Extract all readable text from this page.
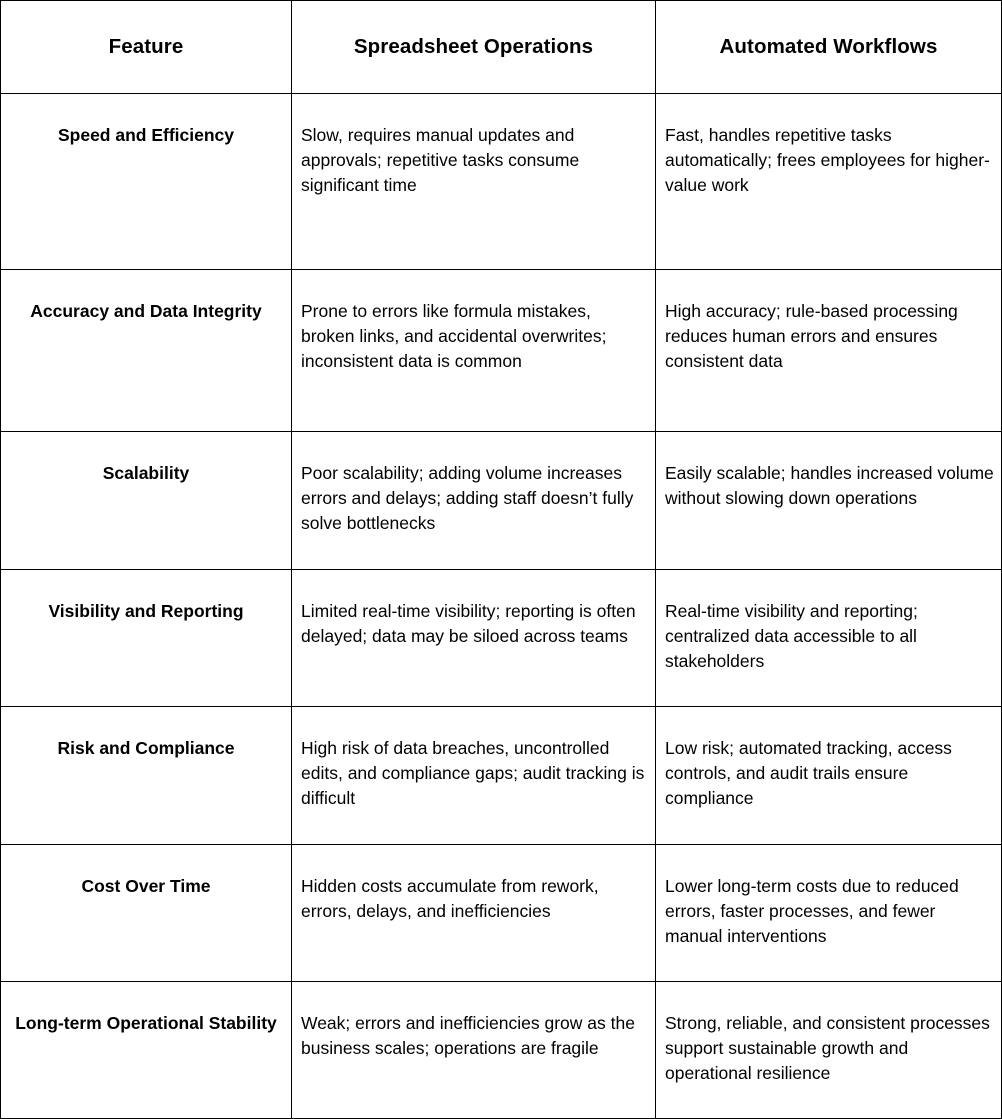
Feature	Spreadsheet Operations	Automated Workflows
Speed and Efficiency	Slow, requires manual updates and approvals; repetitive tasks consume significant time	Fast, handles repetitive tasks automatically; frees employees for higher-value work
Accuracy and Data Integrity	Prone to errors like formula mistakes, broken links, and accidental overwrites; inconsistent data is common	High accuracy; rule-based processing reduces human errors and ensures consistent data
Scalability	Poor scalability; adding volume increases errors and delays; adding staff doesn’t fully solve bottlenecks	Easily scalable; handles increased volume without slowing down operations
Visibility and Reporting	Limited real-time visibility; reporting is often delayed; data may be siloed across teams	Real-time visibility and reporting; centralized data accessible to all stakeholders
Risk and Compliance	High risk of data breaches, uncontrolled edits, and compliance gaps; audit tracking is difficult	Low risk; automated tracking, access controls, and audit trails ensure compliance
Cost Over Time	Hidden costs accumulate from rework, errors, delays, and inefficiencies	Lower long-term costs due to reduced errors, faster processes, and fewer manual interventions
Long-term Operational Stability	Weak; errors and inefficiencies grow as the business scales; operations are fragile	Strong, reliable, and consistent processes support sustainable growth and operational resilience
